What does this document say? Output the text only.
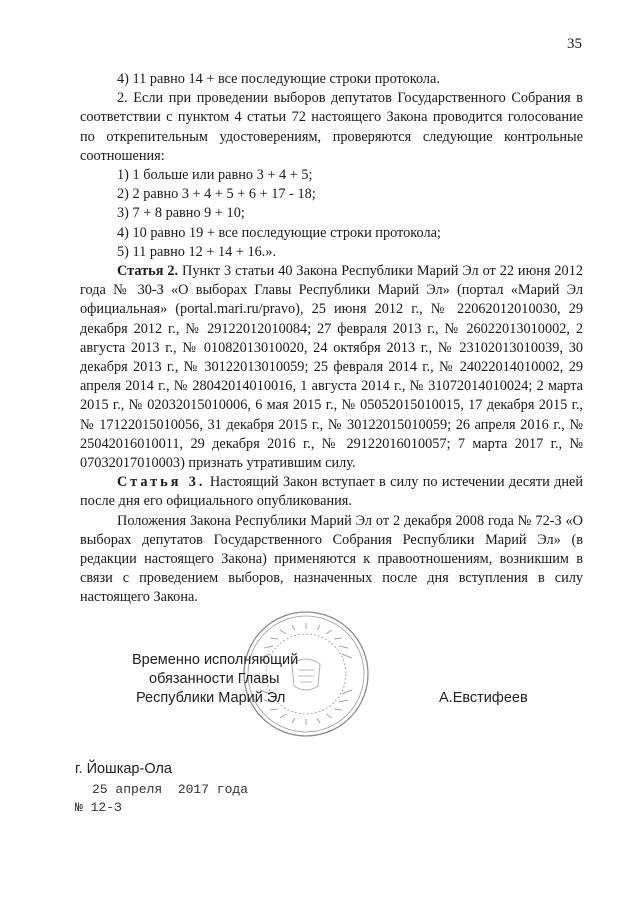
35
4) 11 равно 14 + все последующие строки протокола.

2. Если при проведении выборов депутатов Государственного Собрания в соответствии с пунктом 4 статьи 72 настоящего Закона проводится голосование по открепительным удостоверениям, проверяются следующие контрольные соотношения:

1) 1 больше или равно 3 + 4 + 5;
2) 2 равно 3 + 4 + 5 + 6 + 17 - 18;
3) 7 + 8 равно 9 + 10;
4) 10 равно 19 + все последующие строки протокола;
5) 11 равно 12 + 14 + 16.».

Статья 2. Пункт 3 статьи 40 Закона Республики Марий Эл от 22 июня 2012 года № 30-З «О выборах Главы Республики Марий Эл» (портал «Марий Эл официальная» (portal.mari.ru/pravo), 25 июня 2012 г., № 22062012010030, 29 декабря 2012 г., № 29122012010084; 27 февраля 2013 г., № 26022013010002, 2 августа 2013 г., № 01082013010020, 24 октября 2013 г., № 23102013010039, 30 декабря 2013 г., № 30122013010059; 25 февраля 2014 г., № 24022014010002, 29 апреля 2014 г., № 28042014010016, 1 августа 2014 г., № 31072014010024; 2 марта 2015 г., № 02032015010006, 6 мая 2015 г., № 05052015010015, 17 декабря 2015 г., № 17122015010056, 31 декабря 2015 г., № 30122015010059; 26 апреля 2016 г., № 25042016010011, 29 декабря 2016 г., № 29122016010057; 7 марта 2017 г., № 07032017010003) признать утратившим силу.

Статья 3. Настоящий Закон вступает в силу по истечении десяти дней после дня его официального опубликования.

Положения Закона Республики Марий Эл от 2 декабря 2008 года № 72-З «О выборах депутатов Государственного Собрания Республики Марий Эл» (в редакции настоящего Закона) применяются к правоотношениям, возникшим в связи с проведением выборов, назначенных после дня вступления в силу настоящего Закона.

Временно исполняющий
обязанности Главы
Республики Марий Эл	А.Евстифеев
г. Йошкар-Ола
25 апреля  2017 года
№ 12-З
